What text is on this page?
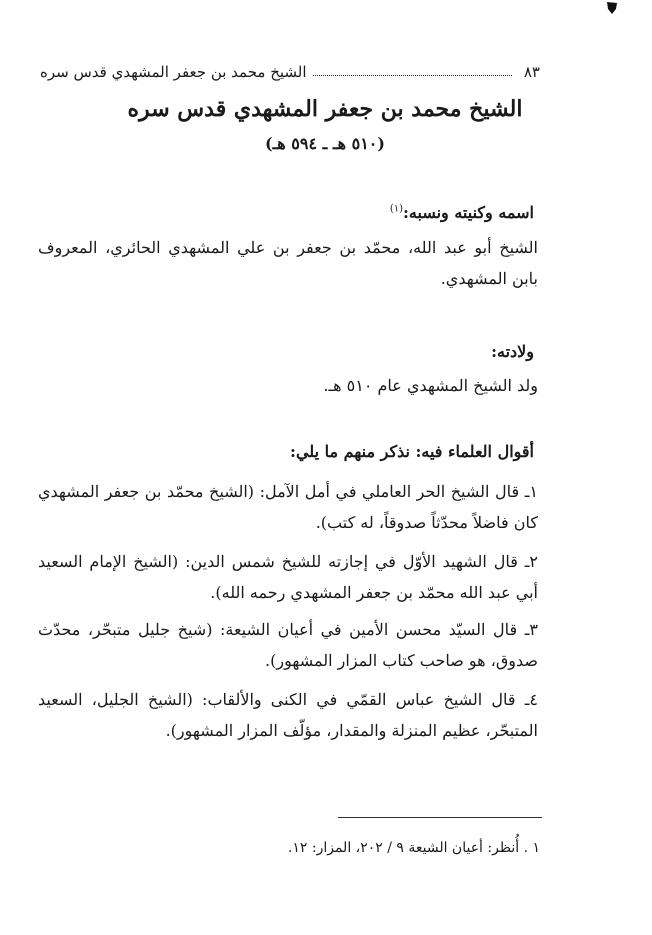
٨٣
الشيخ محمد بن جعفر المشهدي قدس سره
الشيخ محمد بن جعفر المشهدي قدس سره
(٥١٠ هـ ـ ٥٩٤ هـ)
اسمه وكنيته ونسبه:$^{(١)}$
الشيخ أبو عبد الله، محمّد بن جعفر بن علي المشهدي الحائري، المعروف بابن المشهدي.
ولادته:
ولد الشيخ المشهدي عام ٥١٠ هـ.
أقوال العلماء فيه: نذكر منهم ما يلي:
١ـ قال الشيخ الحر العاملي في أمل الآمل: (الشيخ محمّد بن جعفر المشهدي كان فاضلاً محدّثاً صدوقاً، له كتب).
٢ـ قال الشهيد الأوّل في إجازته للشيخ شمس الدين: (الشيخ الإمام السعيد أبي عبد الله محمّد بن جعفر المشهدي رحمه الله).
٣ـ قال السيّد محسن الأمين في أعيان الشيعة: (شيخ جليل متبحّر، محدّث صدوق، هو صاحب كتاب المزار المشهور).
٤ـ قال الشيخ عباس القمّي في الكنى والألقاب: (الشيخ الجليل، السعيد المتبحّر، عظيم المنزلة والمقدار، مؤلّف المزار المشهور).
١ . أُنظر: أعيان الشيعة ٩ / ٢٠٢، المزار: ١٢.
